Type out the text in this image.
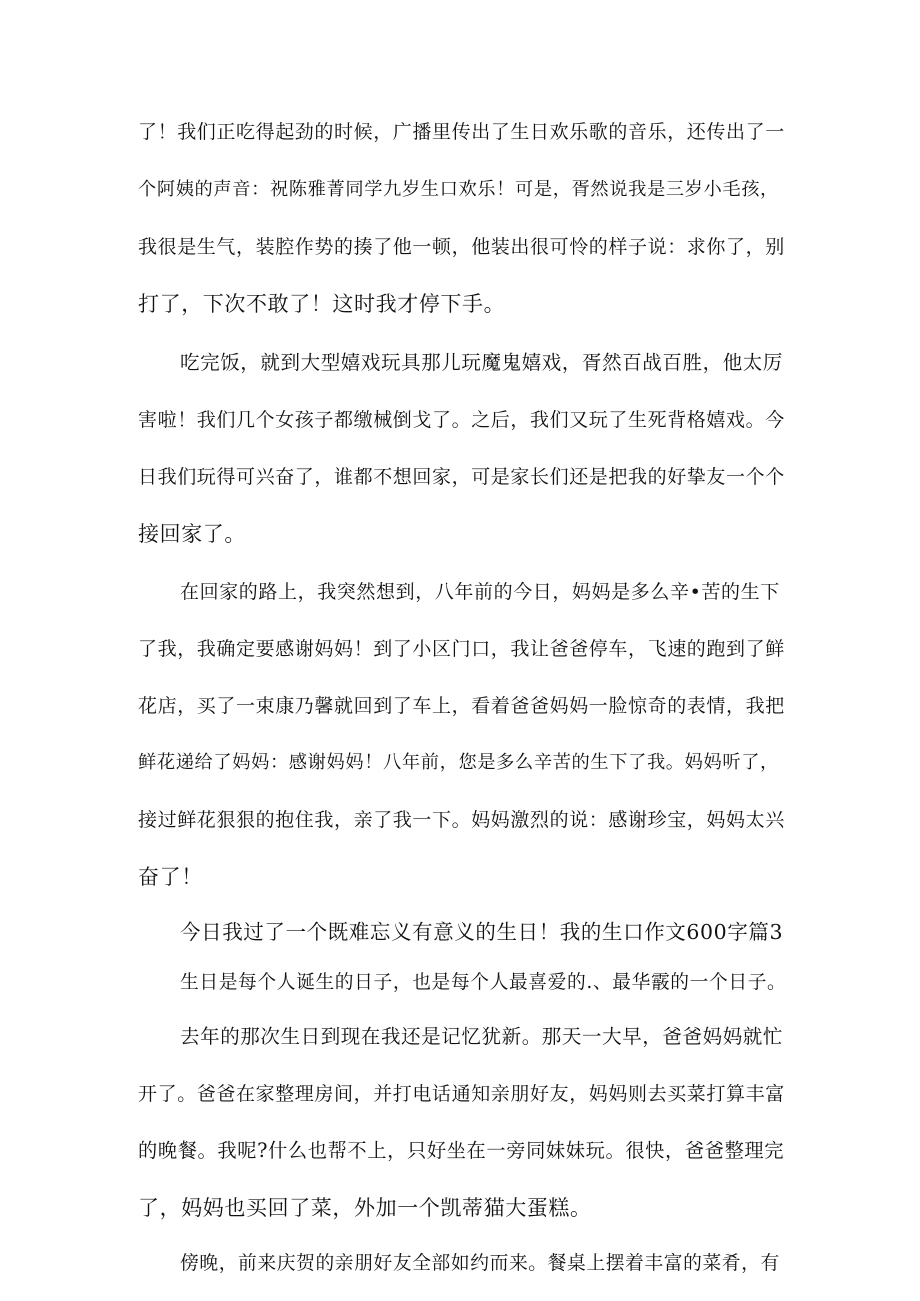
了！我们正吃得起劲的时候，广播里传出了生日欢乐歌的音乐，还传出了一

个阿姨的声音：祝陈雅菁同学九岁生口欢乐！可是，胥然说我是三岁小毛孩，

我很是生气，装腔作势的揍了他一顿，他装出很可怜的样子说：求你了，别

打了，下次不敢了！这时我才停下手。

吃完饭，就到大型嬉戏玩具那儿玩魔鬼嬉戏，胥然百战百胜，他太厉

害啦！我们几个女孩子都缴械倒戈了。之后，我们又玩了生死背格嬉戏。今

日我们玩得可兴奋了，谁都不想回家，可是家长们还是把我的好挚友一个个

接回家了。

在回家的路上，我突然想到，八年前的今日，妈妈是多么辛•苦的生下

了我，我确定要感谢妈妈！到了小区门口，我让爸爸停车，飞速的跑到了鲜

花店，买了一束康乃馨就回到了车上，看着爸爸妈妈一脸惊奇的表情，我把

鲜花递给了妈妈：感谢妈妈！八年前，您是多么辛苦的生下了我。妈妈听了，

接过鲜花狠狠的抱住我，亲了我一下。妈妈激烈的说：感谢珍宝，妈妈太兴

奋了！

今日我过了一个既难忘义有意义的生日！我的生口作文600字篇3

生日是每个人诞生的日子，也是每个人最喜爱的.、最华霰的一个日子。

去年的那次生日到现在我还是记忆犹新。那天一大早，爸爸妈妈就忙

开了。爸爸在家整理房间，并打电话通知亲朋好友，妈妈则去买菜打算丰富

的晚餐。我呢?什么也帮不上，只好坐在一旁同妹妹玩。很快，爸爸整理完

了，妈妈也买回了菜，外加一个凯蒂猫大蛋糕。

傍晚，前来庆贺的亲朋好友全部如约而来。餐桌上摆着丰富的菜肴，有
